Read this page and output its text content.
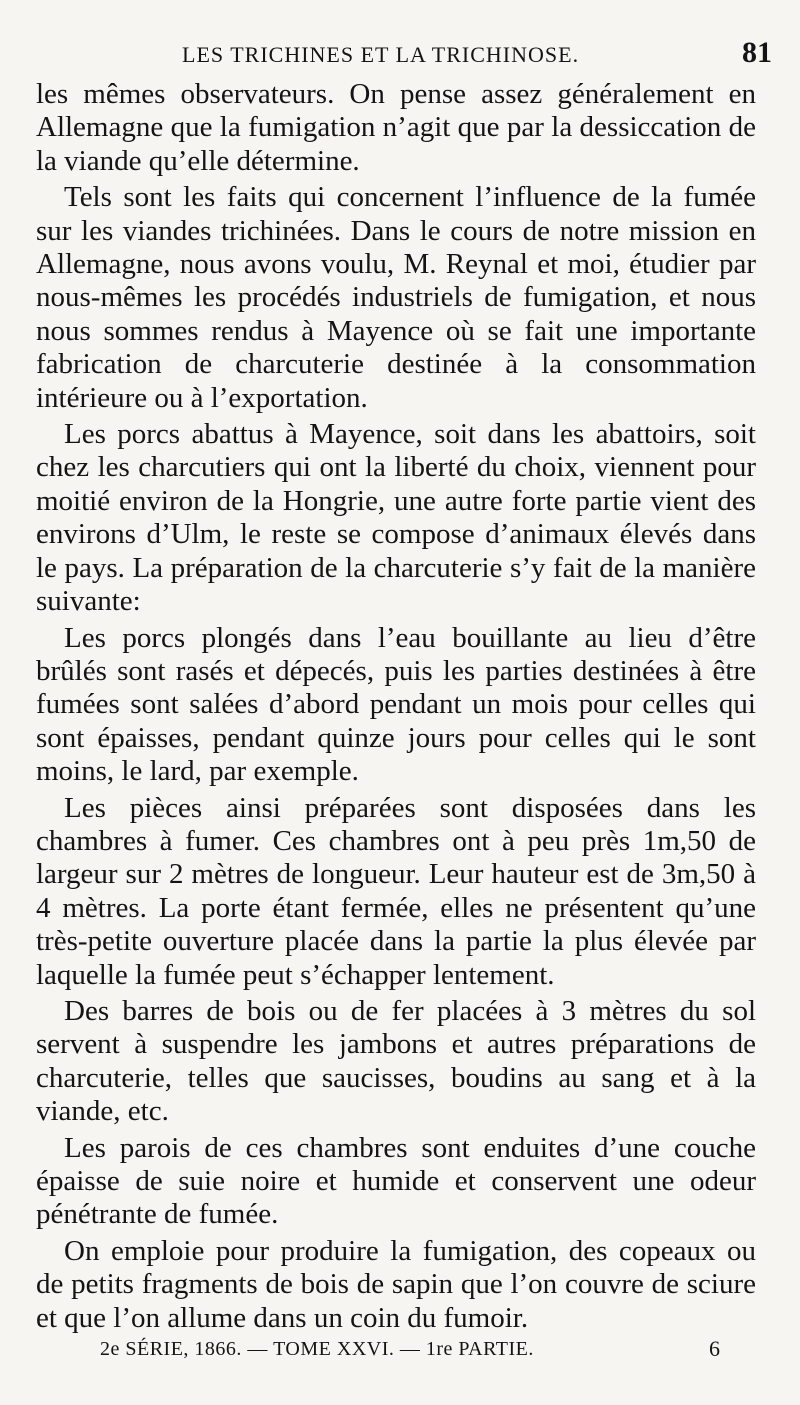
LES TRICHINES ET LA TRICHINOSE.	81

les mêmes observateurs. On pense assez généralement en Allemagne que la fumigation n’agit que par la dessiccation de la viande qu’elle détermine.

Tels sont les faits qui concernent l’influence de la fumée sur les viandes trichinées. Dans le cours de notre mission en Allemagne, nous avons voulu, M. Reynal et moi, étudier par nous-mêmes les procédés industriels de fumigation, et nous nous sommes rendus à Mayence où se fait une importante fabrication de charcuterie destinée à la consommation intérieure ou à l’exportation.

Les porcs abattus à Mayence, soit dans les abattoirs, soit chez les charcutiers qui ont la liberté du choix, viennent pour moitié environ de la Hongrie, une autre forte partie vient des environs d’Ulm, le reste se compose d’animaux élevés dans le pays. La préparation de la charcuterie s’y fait de la manière suivante:

Les porcs plongés dans l’eau bouillante au lieu d’être brûlés sont rasés et dépecés, puis les parties destinées à être fumées sont salées d’abord pendant un mois pour celles qui sont épaisses, pendant quinze jours pour celles qui le sont moins, le lard, par exemple.

Les pièces ainsi préparées sont disposées dans les chambres à fumer. Ces chambres ont à peu près 1m,50 de largeur sur 2 mètres de longueur. Leur hauteur est de 3m,50 à 4 mètres. La porte étant fermée, elles ne présentent qu’une très-petite ouverture placée dans la partie la plus élevée par laquelle la fumée peut s’échapper lentement.

Des barres de bois ou de fer placées à 3 mètres du sol servent à suspendre les jambons et autres préparations de charcuterie, telles que saucisses, boudins au sang et à la viande, etc.

Les parois de ces chambres sont enduites d’une couche épaisse de suie noire et humide et conservent une odeur pénétrante de fumée.

On emploie pour produire la fumigation, des copeaux ou de petits fragments de bois de sapin que l’on couvre de sciure et que l’on allume dans un coin du fumoir.

2e SÉRIE, 1866. — TOME XXVI. — 1re PARTIE.	6
